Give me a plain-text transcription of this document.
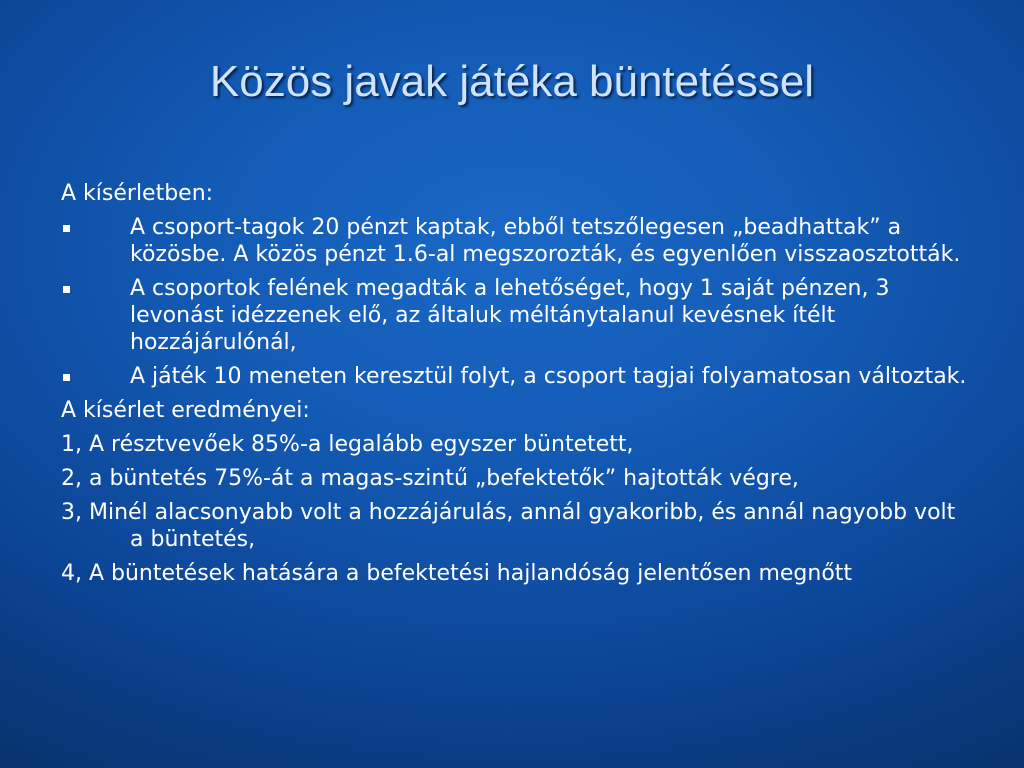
Közös javak játéka büntetéssel
A kísérletben:
A csoport-tagok 20 pénzt kaptak, ebből tetszőlegesen „beadhattak” a közösbe. A közös pénzt 1.6-al megszorozták, és egyenlően visszaosztották.
A csoportok felének megadták a lehetőséget, hogy 1 saját pénzen, 3 levonást idézzenek elő, az általuk méltánytalanul kevésnek ítélt hozzájárulónál,
A játék 10 meneten keresztül folyt, a csoport tagjai folyamatosan változtak.
A kísérlet eredményei:
1, A résztvevőek 85%-a legalább egyszer büntetett,
2, a büntetés 75%-át a magas-szintű „befektetők” hajtották végre,
3, Minél alacsonyabb volt a hozzájárulás, annál gyakoribb, és annál nagyobb volt a büntetés,
4, A büntetések hatására a befektetési hajlandóság jelentősen megnőtt
